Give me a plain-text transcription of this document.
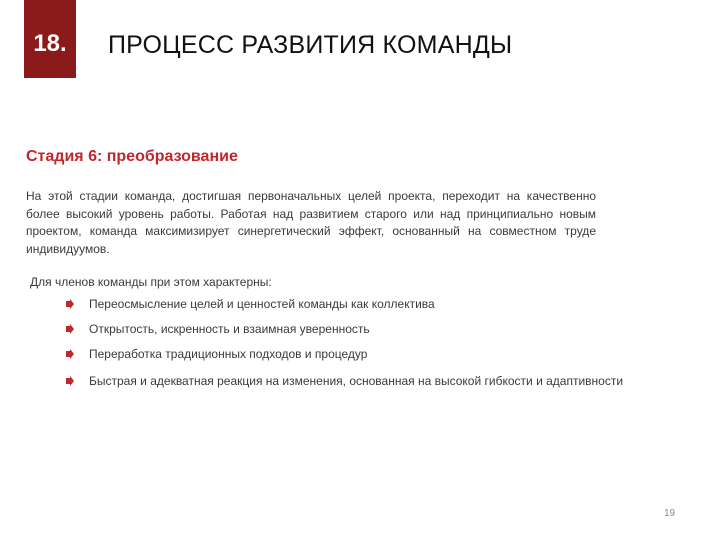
18.	ПРОЦЕСС РАЗВИТИЯ КОМАНДЫ
Стадия 6: преобразование

На этой стадии команда, достигшая первоначальных целей проекта, переходит на качественно более высокий уровень работы. Работая над развитием старого или над принципиально новым проектом, команда максимизирует синергетический эффект, основанный на совместном труде индивидуумов.

Для членов команды при этом характерны:
Переосмысление целей и ценностей команды как коллектива
Открытость, искренность и взаимная уверенность
Переработка традиционных подходов и процедур
Быстрая и адекватная реакция на изменения, основанная на высокой гибкости и адаптивности
19
